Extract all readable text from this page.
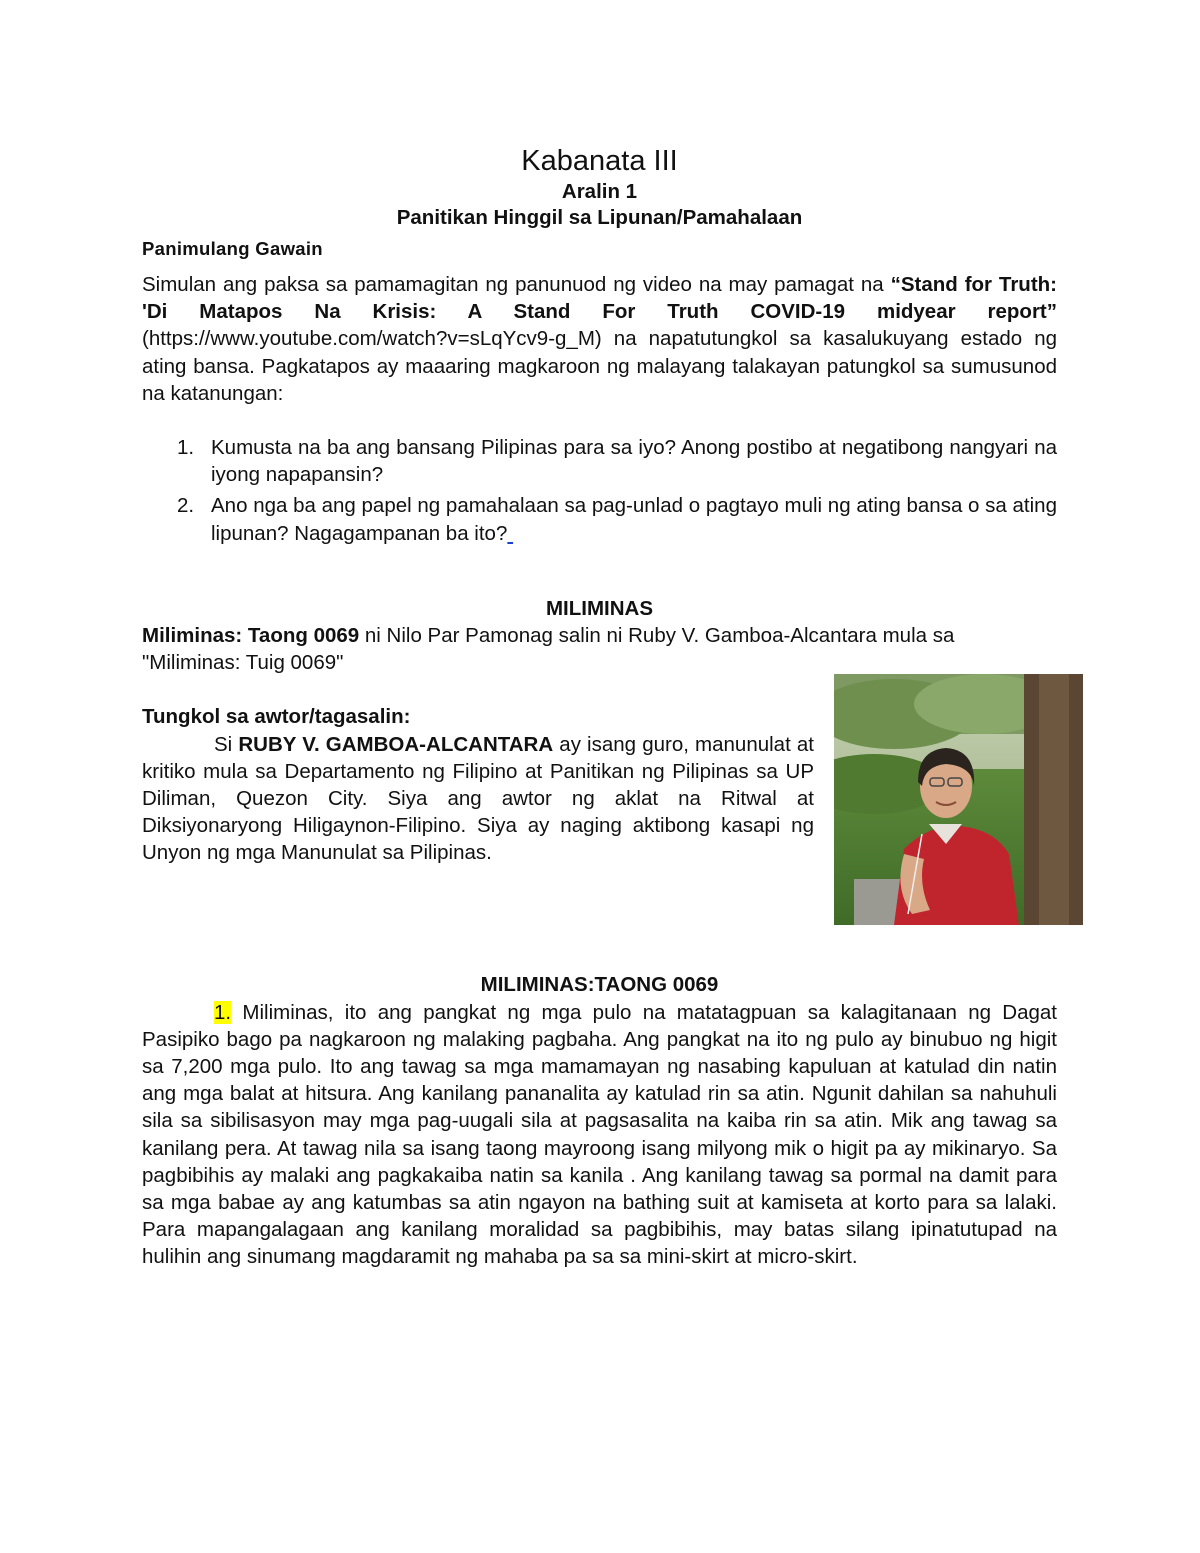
Kabanata III

Aralin 1

Panitikan Hinggil sa Lipunan/Pamahalaan

Panimulang Gawain

Simulan ang paksa sa pamamagitan ng panunuod ng video na may pamagat na “Stand for Truth: 'Di Matapos Na Krisis: A Stand For Truth COVID-19 midyear report” (https://www.youtube.com/watch?v=sLqYcv9-g_M) na napatutungkol sa kasalukuyang estado ng ating bansa. Pagkatapos ay maaaring magkaroon ng malayang talakayan patungkol sa sumusunod na katanungan:

1. Kumusta na ba ang bansang Pilipinas para sa iyo? Anong postibo at negatibong nangyari na iyong napapansin?
2. Ano nga ba ang papel ng pamahalaan sa pag-unlad o pagtayo muli ng ating bansa o sa ating lipunan? Nagagampanan ba ito?

MILIMINAS

Miliminas: Taong 0069 ni Nilo Par Pamonag salin ni Ruby V. Gamboa-Alcantara mula sa "Miliminas: Tuig 0069"

Tungkol sa awtor/tagasalin:

Si RUBY V. GAMBOA-ALCANTARA ay isang guro, manunulat at kritiko mula sa Departamento ng Filipino at Panitikan ng Pilipinas sa UP Diliman, Quezon City. Siya ang awtor ng aklat na Ritwal at Diksiyonaryong Hiligaynon-Filipino. Siya ay naging aktibong kasapi ng Unyon ng mga Manunulat sa Pilipinas.

MILIMINAS:TAONG 0069

1. Miliminas, ito ang pangkat ng mga pulo na matatagpuan sa kalagitanaan ng Dagat Pasipiko bago pa nagkaroon ng malaking pagbaha. Ang pangkat na ito ng pulo ay binubuo ng higit sa 7,200 mga pulo. Ito ang tawag sa mga mamamayan ng nasabing kapuluan at katulad din natin ang mga balat at hitsura. Ang kanilang pananalita ay katulad rin sa atin. Ngunit dahilan sa nahuhuli sila sa sibilisasyon may mga pag-uugali sila at pagsasalita na kaiba rin sa atin. Mik ang tawag sa kanilang pera. At tawag nila sa isang taong mayroong isang milyong mik o higit pa ay mikinaryo. Sa pagbibihis ay malaki ang pagkakaiba natin sa kanila . Ang kanilang tawag sa pormal na damit para sa mga babae ay ang katumbas sa atin ngayon na bathing suit at kamiseta at korto para sa lalaki.

Para mapangalagaan ang kanilang moralidad sa pagbibihis, may batas silang ipinatutupad na hulihin ang sinumang magdaramit ng mahaba pa sa sa mini-skirt at micro-skirt.
